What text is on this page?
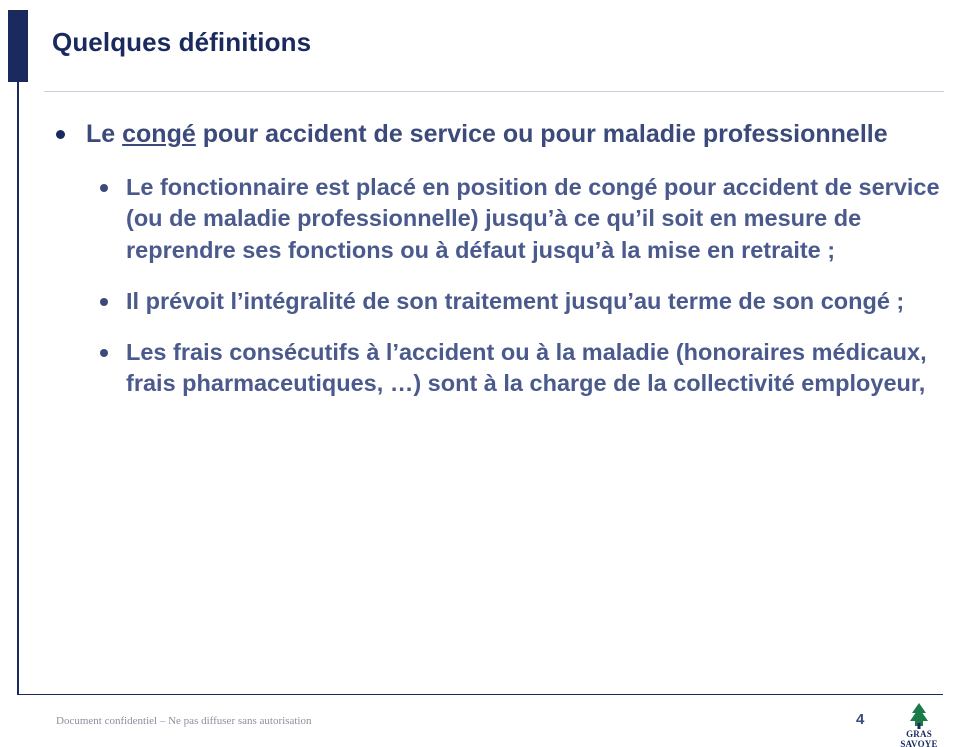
Quelques définitions
Le congé pour accident de service ou pour maladie professionnelle
Le fonctionnaire est placé en position de congé pour accident de service (ou de maladie professionnelle) jusqu’à ce qu’il soit en mesure de reprendre ses fonctions ou à défaut jusqu’à la mise en retraite ;
Il prévoit l’intégralité de son traitement jusqu’au terme de son congé ;
Les frais consécutifs à l’accident ou à la maladie (honoraires médicaux, frais pharmaceutiques, …) sont à la charge de la collectivité employeur,
Document confidentiel – Ne pas diffuser sans autorisation	4
GRAS SAVOYE
